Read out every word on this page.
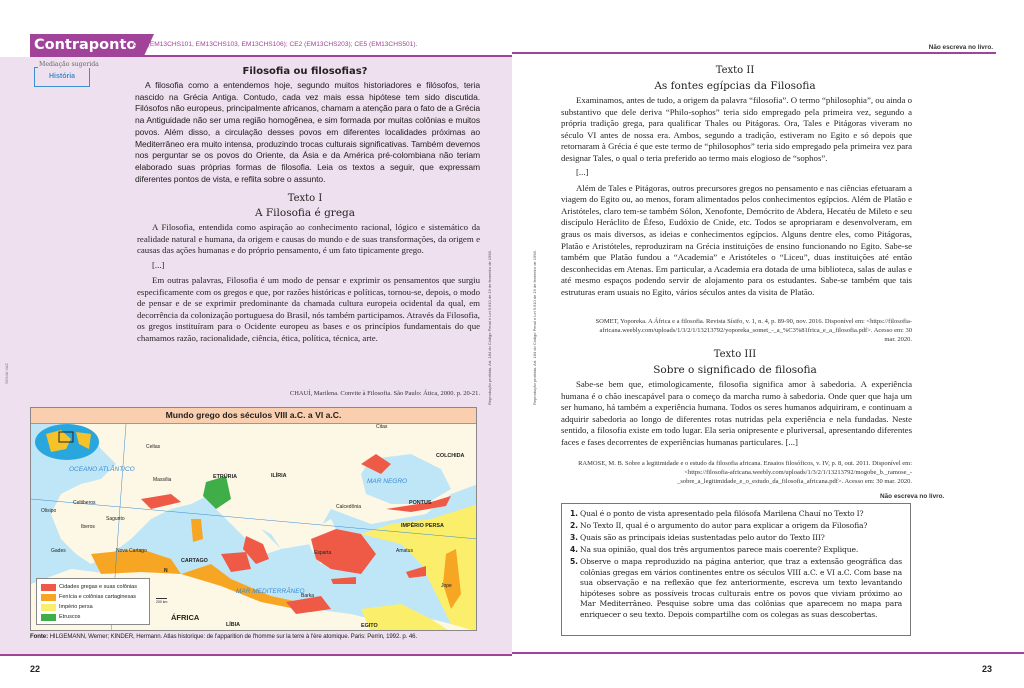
Contraponto
CE1 (EM13CHS101, EM13CHS103, EM13CHS106); CE2 (EM13CHS203); CE5 (EM13CHS501).
Mediação sugerida
História	Filosofia ou filosofias?
A filosofia como a entendemos hoje, segundo muitos historiadores e filósofos, teria nascido na Grécia Antiga. Contudo, cada vez mais essa hipótese tem sido discutida. Filósofos não europeus, principalmente africanos, chamam a atenção para o fato de a Grécia na Antiguidade não ser uma região homogênea, e sim formada por muitas colônias e muitos povos. Além disso, a circulação desses povos em diferentes localidades próximas ao Mediterrâneo era muito intensa, produzindo trocas culturais significativas. Também devemos nos perguntar se os povos do Oriente, da Ásia e da América pré-colombiana não teriam elaborado suas próprias formas de filosofia. Leia os textos a seguir, que expressam diferentes pontos de vista, e reflita sobre o assunto.
Texto I
A Filosofia é grega

A Filosofia, entendida como aspiração ao conhecimento racional, lógico e sistemático da realidade natural e humana, da origem e causas do mundo e de suas transformações, da origem e causas das ações humanas e do próprio pensamento, é um fato tipicamente grego.

[...]

Em outras palavras, Filosofia é um modo de pensar e exprimir os pensamentos que surgiu especificamente com os gregos e que, por razões históricas e políticas, tornou-se, depois, o modo de pensar e de se exprimir predominante da chamada cultura europeia ocidental da qual, em decorrência da colonização portuguesa do Brasil, nós também participamos. Através da Filosofia, os gregos instituíram para o Ocidente europeu as bases e os princípios fundamentais do que chamamos razão, racionalidade, ciência, ética, política, técnica, arte.

CHAUÍ, Marilena. Convite à Filosofia. São Paulo: Ática, 2000. p. 20-21.
SONIA VAZ
Mundo grego dos séculos VIII a.C. a VI a.C.
OCEANO ATLÂNTICO
MAR NEGRO
MAR MEDITERRÂNEO
ETRÚRIA	ILÍRIA
COLCHIDA
PONTUS
IMPÉRIO PERSA
ÁFRICA
LÍBIA	EGITO
CARTAGO
Celtas
Celtiberos
Iberos
Citas
Olisipo
Gades	Nova Cartago
Sagunto
Massília
Esparta
Calcedônia
Amatus
Jope
Barka
Cidades gregas e suas colônias
Fenícia e colônias cartaginesas
Império persa
Etruscos
N
200 km
Fonte: HILGEMANN, Werner; KINDER, Hermann. Atlas historique: de l'apparition de l'homme sur la terre à l'ère atomique. Paris: Perrin, 1992. p. 46.
Reprodução proibida. Art. 184 do Código Penal e Lei 9.610 de 19 de fevereiro de 1998.
22
Não escreva no livro.
Reprodução proibida. Art. 184 do Código Penal e Lei 9.610 de 19 de fevereiro de 1998.
Texto II
As fontes egípcias da Filosofia

Examinamos, antes de tudo, a origem da palavra “filosofia”. O termo “philosophia”, ou ainda o substantivo que dele deriva “Philo-sophos” teria sido empregado pela primeira vez, segundo a própria tradição grega, para qualificar Thales ou Pitágoras. Ora, Tales e Pitágoras viveram no século VI antes de nossa era. Ambos, segundo a tradição, estiveram no Egito e só depois que retornaram à Grécia é que este termo de “philosophos” teria sido empregado pela primeira vez para designar Tales, o qual o teria preferido ao termo mais elogioso de “sophos”.

[...]

Além de Tales e Pitágoras, outros precursores gregos no pensamento e nas ciências efetuaram a viagem do Egito ou, ao menos, foram alimentados pelos conhecimentos egípcios. Além de Platão e Aristóteles, claro tem-se também Sólon, Xenofonte, Demócrito de Abdera, Hecatéu de Mileto e seu discípulo Heráclito de Éfeso, Eudóxio de Cnide, etc. Todos se apropriaram e desenvolveram, em graus os mais diversos, as ideias e conhecimentos egípcios. Alguns dentre eles, como Pitágoras, Platão e Aristóteles, reproduziram na Grécia instituições de ensino funcionando no Egito. Sabe-se também que Platão fundou a “Academia” e Aristóteles o “Liceu”, duas instituições até então desconhecidas em Atenas. Em particular, a Academia era dotada de uma biblioteca, salas de aulas e até mesmo espaços podendo servir de alojamento para os estudantes. Sabe-se também que tais estruturas eram usuais no Egito, vários séculos antes da visita de Platão.

SOMET, Yoporeka. A África e a filosofia. Revista Sísifo, v. 1, n. 4, p. 89-90, nov. 2016. Disponível em: <https://filosofia-africana.weebly.com/uploads/1/3/2/1/13213792/yoporeka_somet_-_a_%C3%81frica_e_a_filosofia.pdf>. Acesso em: 30 mar. 2020.
Texto III
Sobre o significado de filosofia

Sabe-se bem que, etimologicamente, filosofia significa amor à sabedoria. A experiência humana é o chão inescapável para o começo da marcha rumo à sabedoria. Onde quer que haja um ser humano, há também a experiência humana. Todos os seres humanos adquiriram, e continuam a adquirir sabedoria ao longo de diferentes rotas nutridas pela experiência e nela fundadas. Neste sentido, a filosofia existe em todo lugar. Ela seria onipresente e pluriversal, apresentando diferentes faces e fases decorrentes de experiências humanas particulares. [...]

RAMOSE, M. B. Sobre a legitimidade e o estudo da filosofia africana. Ensaios filosóficos, v. IV, p. 8, out. 2011. Disponível em: <https://filosofia-africana.weebly.com/uploads/1/3/2/1/13213792/mogobe_b._ramose_-_sobre_a_legitimidade_e_o_estudo_da_filosofia_africana.pdf>. Acesso em: 30 mar. 2020.
Não escreva no livro.
1. Qual é o ponto de vista apresentado pela filósofa Marilena Chauí no Texto I?
2. No Texto II, qual é o argumento do autor para explicar a origem da Filosofia?
3. Quais são as principais ideias sustentadas pelo autor do Texto III?
4. Na sua opinião, qual dos três argumentos parece mais coerente? Explique.
5. Observe o mapa reproduzido na página anterior, que traz a extensão geográfica das colônias gregas em vários continentes entre os séculos VIII a.C. e VI a.C. Com base na sua observação e na reflexão que fez anteriormente, escreva um texto levantando hipóteses sobre as possíveis trocas culturais entre os povos que viviam próximo ao Mar Mediterrâneo. Pesquise sobre uma das colônias que aparecem no mapa para enriquecer o seu texto. Depois compartilhe com os colegas as suas descobertas.
23
